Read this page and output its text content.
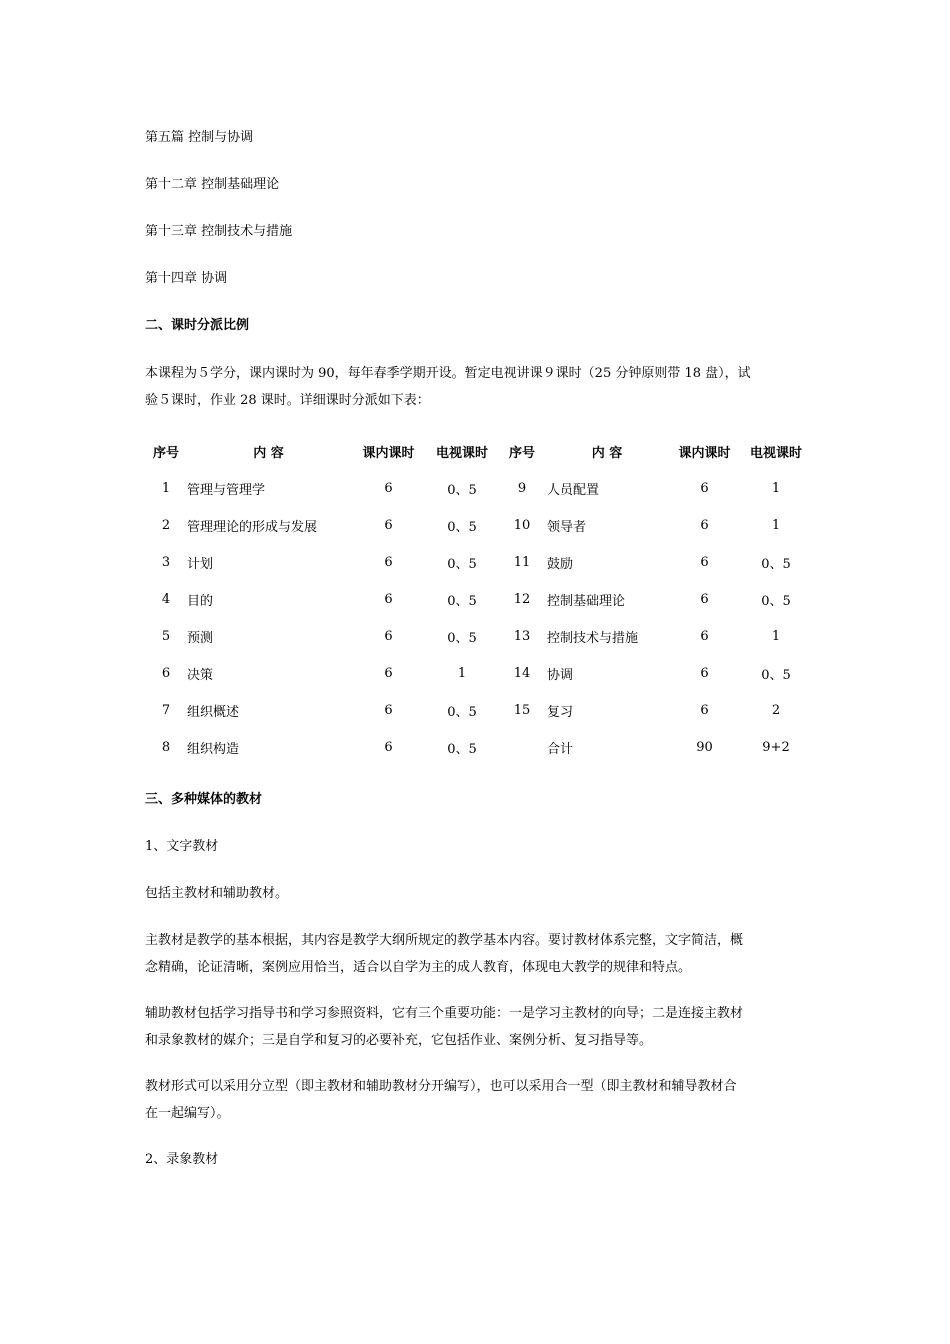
第五篇 控制与协调
第十二章 控制基础理论
第十三章 控制技术与措施
第十四章 协调
二、课时分派比例
本课程为５学分，课内课时为 90，每年春季学期开设。暂定电视讲课９课时（25 分钟原则带 18 盘），试
验５课时，作业 28 课时。详细课时分派如下表：
序号	内 容	课内课时	电视课时	序号	内 容	课内课时	电视课时
1	管理与管理学	6	0、5	9	人员配置	6	1
2	管理理论的形成与发展	6	0、5	10	领导者	6	1
3	计划	6	0、5	11	鼓励	6	0、5
4	目的	6	0、5	12	控制基础理论	6	0、5
5	预测	6	0、5	13	控制技术与措施	6	1
6	决策	6	1	14	协调	6	0、5
7	组织概述	6	0、5	15	复习	6	2
8	组织构造	6	0、5		合计	90	9+2
三、多种媒体的教材
1、文字教材
包括主教材和辅助教材。
主教材是教学的基本根据，其内容是教学大纲所规定的教学基本内容。要讨教材体系完整，文字简洁，概
念精确，论证清晰，案例应用恰当，适合以自学为主的成人教育，体现电大教学的规律和特点。
辅助教材包括学习指导书和学习参照资料，它有三个重要功能：一是学习主教材的向导；二是连接主教材
和录象教材的媒介；三是自学和复习的必要补充，它包括作业、案例分析、复习指导等。
教材形式可以采用分立型（即主教材和辅助教材分开编写），也可以采用合一型（即主教材和辅导教材合
在一起编写）。
2、录象教材
